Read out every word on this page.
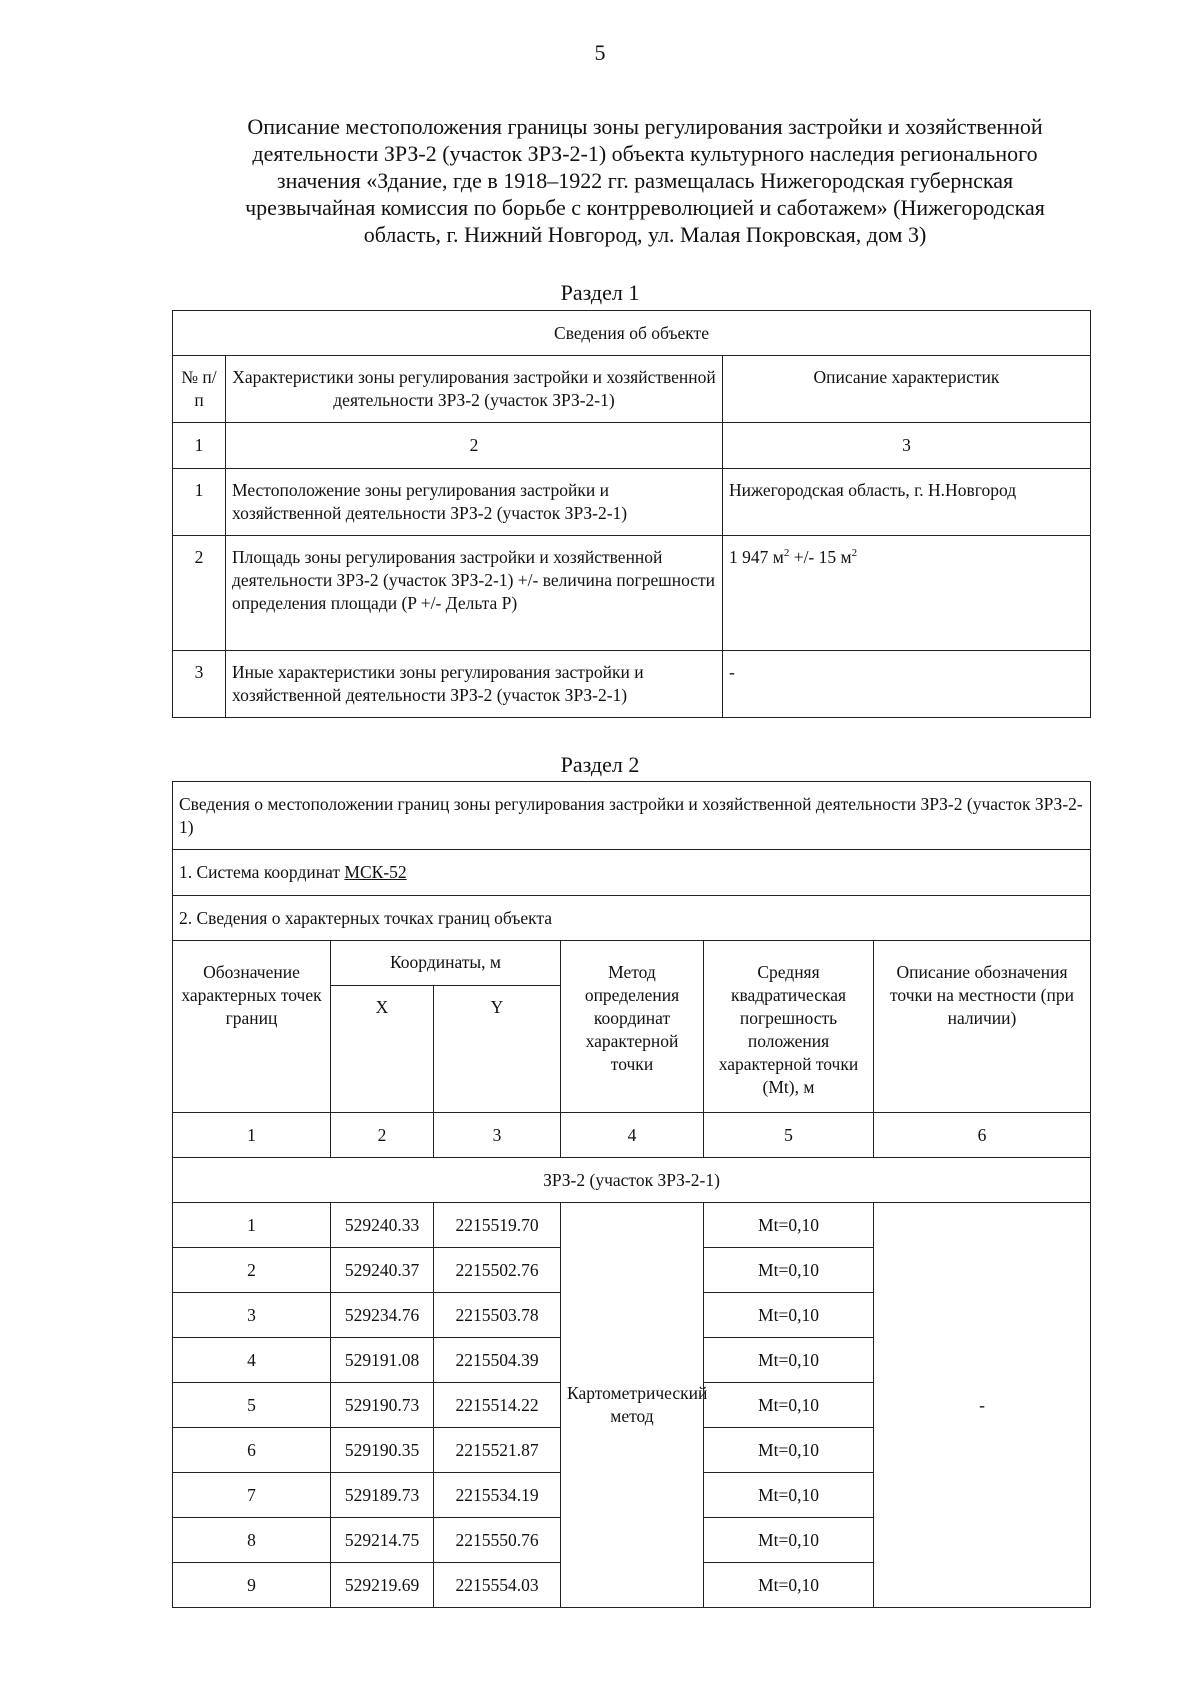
5
Описание местоположения границы зоны регулирования застройки и хозяйственной
деятельности ЗРЗ-2 (участок ЗРЗ-2-1) объекта культурного наследия регионального
значения «Здание, где в 1918–1922 гг. размещалась Нижегородская губернская
чрезвычайная комиссия по борьбе с контрреволюцией и саботажем» (Нижегородская
область, г. Нижний Новгород, ул. Малая Покровская, дом 3)
Раздел 1
Сведения об объекте		
№ п/п	Характеристики зоны регулирования застройки и хозяйственной деятельности ЗРЗ-2 (участок ЗРЗ-2-1)	Описание характеристик
1	2	3
1	Местоположение зоны регулирования застройки и хозяйственной деятельности ЗРЗ-2 (участок ЗРЗ-2-1)	Нижегородская область, г. Н.Новгород
2	Площадь зоны регулирования застройки и хозяйственной деятельности ЗРЗ-2 (участок ЗРЗ-2-1) +/- величина погрешности определения площади (P +/- Дельта P)	1 947 $м^2$ +/- 15 $м^2$
3	Иные характеристики зоны регулирования застройки и хозяйственной деятельности ЗРЗ-2 (участок ЗРЗ-2-1)	-
Раздел 2
Сведения о местоположении границ зоны регулирования застройки и хозяйственной деятельности ЗРЗ-2 (участок ЗРЗ-2-1)					
1. Система координат МСК-52					
2. Сведения о характерных точках границ объекта					
Обозначение характерных точек границ	Координаты, м		Метод определения координат характерной точки	Средняя квадратическая погрешность положения характерной точки (Mt), м	Описание обозначения точки на местности (при наличии)
	X	Y			
1	2	3	4	5	6
ЗРЗ-2 (участок ЗРЗ-2-1)					
1	529240.33	2215519.70	Картометрический метод	Mt=0,10	-
2	529240.37	2215502.76		Mt=0,10	
3	529234.76	2215503.78		Mt=0,10	
4	529191.08	2215504.39		Mt=0,10	
5	529190.73	2215514.22		Mt=0,10	
6	529190.35	2215521.87		Mt=0,10	
7	529189.73	2215534.19		Mt=0,10	
8	529214.75	2215550.76		Mt=0,10	
9	529219.69	2215554.03		Mt=0,10	
